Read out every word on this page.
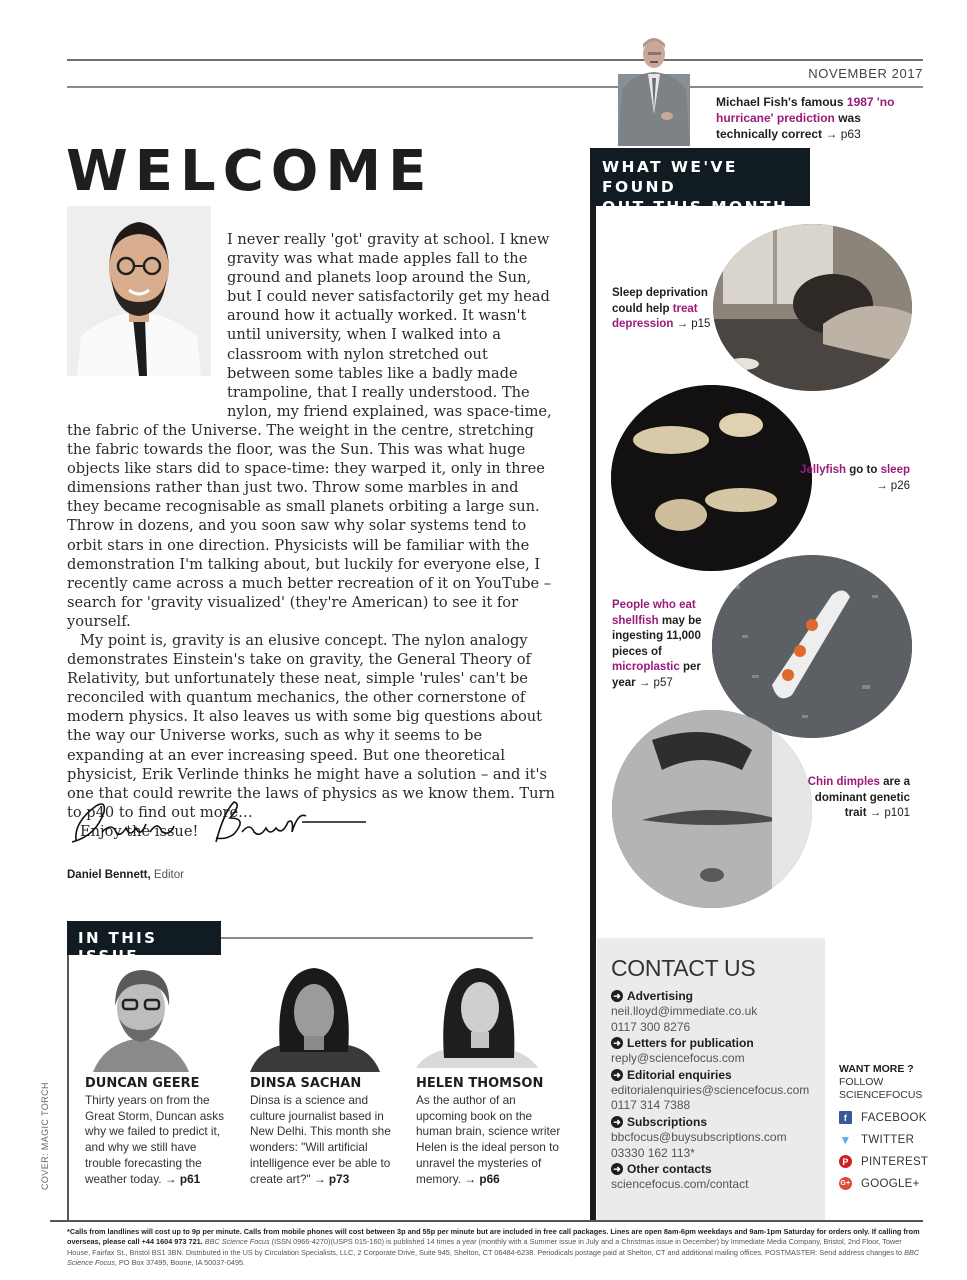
NOVEMBER 2017
Michael Fish's famous 1987 'no hurricane' prediction was technically correct → p63
WELCOME

I never really 'got' gravity at school. I knew gravity was what made apples fall to the ground and planets loop around the Sun, but I could never satisfactorily get my head around how it actually worked. It wasn't until university, when I walked into a classroom with nylon stretched out between some tables like a badly made trampoline, that I really understood. The nylon, my friend explained, was space-time, the fabric of the Universe. The weight in the centre, stretching the fabric towards the floor, was the Sun. This was what huge objects like stars did to space-time: they warped it, only in three dimensions rather than just two. Throw some marbles in and they became recognisable as small planets orbiting a large sun. Throw in dozens, and you soon saw why solar systems tend to orbit stars in one direction. Physicists will be familiar with the demonstration I'm talking about, but luckily for everyone else, I recently came across a much better recreation of it on YouTube – search for 'gravity visualized' (they're American) to see it for yourself.

My point is, gravity is an elusive concept. The nylon analogy demonstrates Einstein's take on gravity, the General Theory of Relativity, but unfortunately these neat, simple 'rules' can't be reconciled with quantum mechanics, the other cornerstone of modern physics. It also leaves us with some big questions about the way our Universe works, such as why it seems to be expanding at an ever increasing speed. But one theoretical physicist, Erik Verlinde thinks he might have a solution – and it's one that could rewrite the laws of physics as we know them. Turn to p40 to find out more…

Enjoy the issue!

Daniel Bennett, Editor
WHAT WE'VE FOUND
OUT THIS MONTH
Sleep deprivation could help treat depression → p15
Jellyfish go to sleep → p26
People who eat shellfish may be ingesting 11,000 pieces of microplastic per year → p57
Chin dimples are a dominant genetic trait → p101
IN THIS ISSUE
COVER: MAGIC TORCH	DUNCAN GEERE
Thirty years on from the Great Storm, Duncan asks why we failed to predict it, and why we still have trouble forecasting the weather today. → p61
DINSA SACHAN
Dinsa is a science and culture journalist based in New Delhi. This month she wonders: "Will artificial intelligence ever be able to create art?" → p73
HELEN THOMSON
As the author of an upcoming book on the human brain, science writer Helen is the ideal person to unravel the mysteries of memory. → p66
CONTACT US
➜ Advertising
neil.lloyd@immediate.co.uk
0117 300 8276
➜ Letters for publication
reply@sciencefocus.com
➜ Editorial enquiries
editorialenquiries@sciencefocus.com
0117 314 7388
➜ Subscriptions
bbcfocus@buysubscriptions.com
03330 162 113*
➜ Other contacts
sciencefocus.com/contact
WANT MORE ?
FOLLOW
SCIENCEFOCUS
f	FACEBOOK
▼ TWITTER
P PINTEREST
G+ GOOGLE+
*Calls from landlines will cost up to 9p per minute. Calls from mobile phones will cost between 3p and 55p per minute but are included in free call packages. Lines are open 8am-6pm weekdays and 9am-1pm Saturday for orders only. If calling from overseas, please call +44 1604 973 721. BBC Science Focus (ISSN 0966-4270)(USPS 015-160) is published 14 times a year (monthly with a Summer issue in July and a Christmas issue in December) by Immediate Media Company, Bristol, 2nd Floor, Tower House, Fairfax St., Bristol BS1 3BN. Distributed in the US by Circulation Specialists, LLC, 2 Corporate Drive, Suite 945, Shelton, CT 06484-6238. Periodicals postage paid at Shelton, CT and additional mailing offices. POSTMASTER: Send address changes to BBC Science Focus, PO Box 37495, Boone, IA 50037-0495.
